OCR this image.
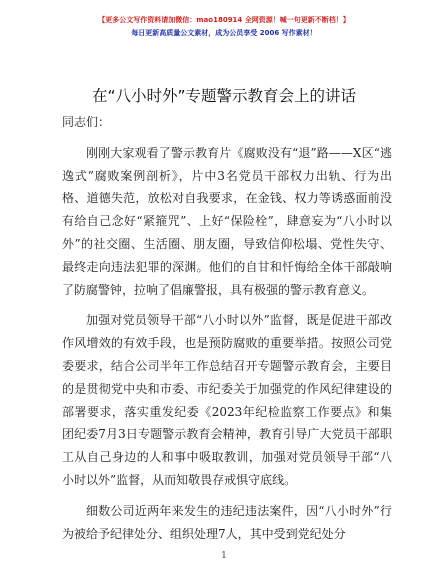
【更多公文写作资料请加微信：mao180914 全网资源！喊一句更新不断档！】
每日更新高质量公文素材，成为公员享受 2006 写作素材！
在“八小时外”专题警示教育会上的讲话

同志们：

刚刚大家观看了警示教育片《腐败没有“退”路——X区“逃逸式”腐败案例剖析》，片中3名党员干部权力出轨、行为出格、道德失范，放松对自我要求，在金钱、权力等诱惑面前没有给自己念好“紧箍咒”、上好“保险栓”，肆意妄为“八小时以外”的社交圈、生活圈、朋友圈，导致信仰松塌、党性失守、最终走向违法犯罪的深渊。他们的自甘和忏悔给全体干部敲响了防腐警钟，拉响了倡廉警报，具有极强的警示教育意义。

加强对党员领导干部“八小时以外”监督，既是促进干部改作风增效的有效手段，也是预防腐败的重要举措。按照公司党委要求，结合公司半年工作总结召开专题警示教育会，主要目的是贯彻党中央和市委、市纪委关于加强党的作风纪律建设的部署要求，落实重发纪委《2023年纪检监察工作要点》和集团纪委7月3日专题警示教育会精神，教育引导广大党员干部职工从自己身边的人和事中吸取教训，加强对党员领导干部“八小时以外”监督，从而知敬畏存戒惧守底线。

细数公司近两年来发生的违纪违法案件，因“八小时外”行为被给予纪律处分、组织处理7人，其中受到党纪处分

1
